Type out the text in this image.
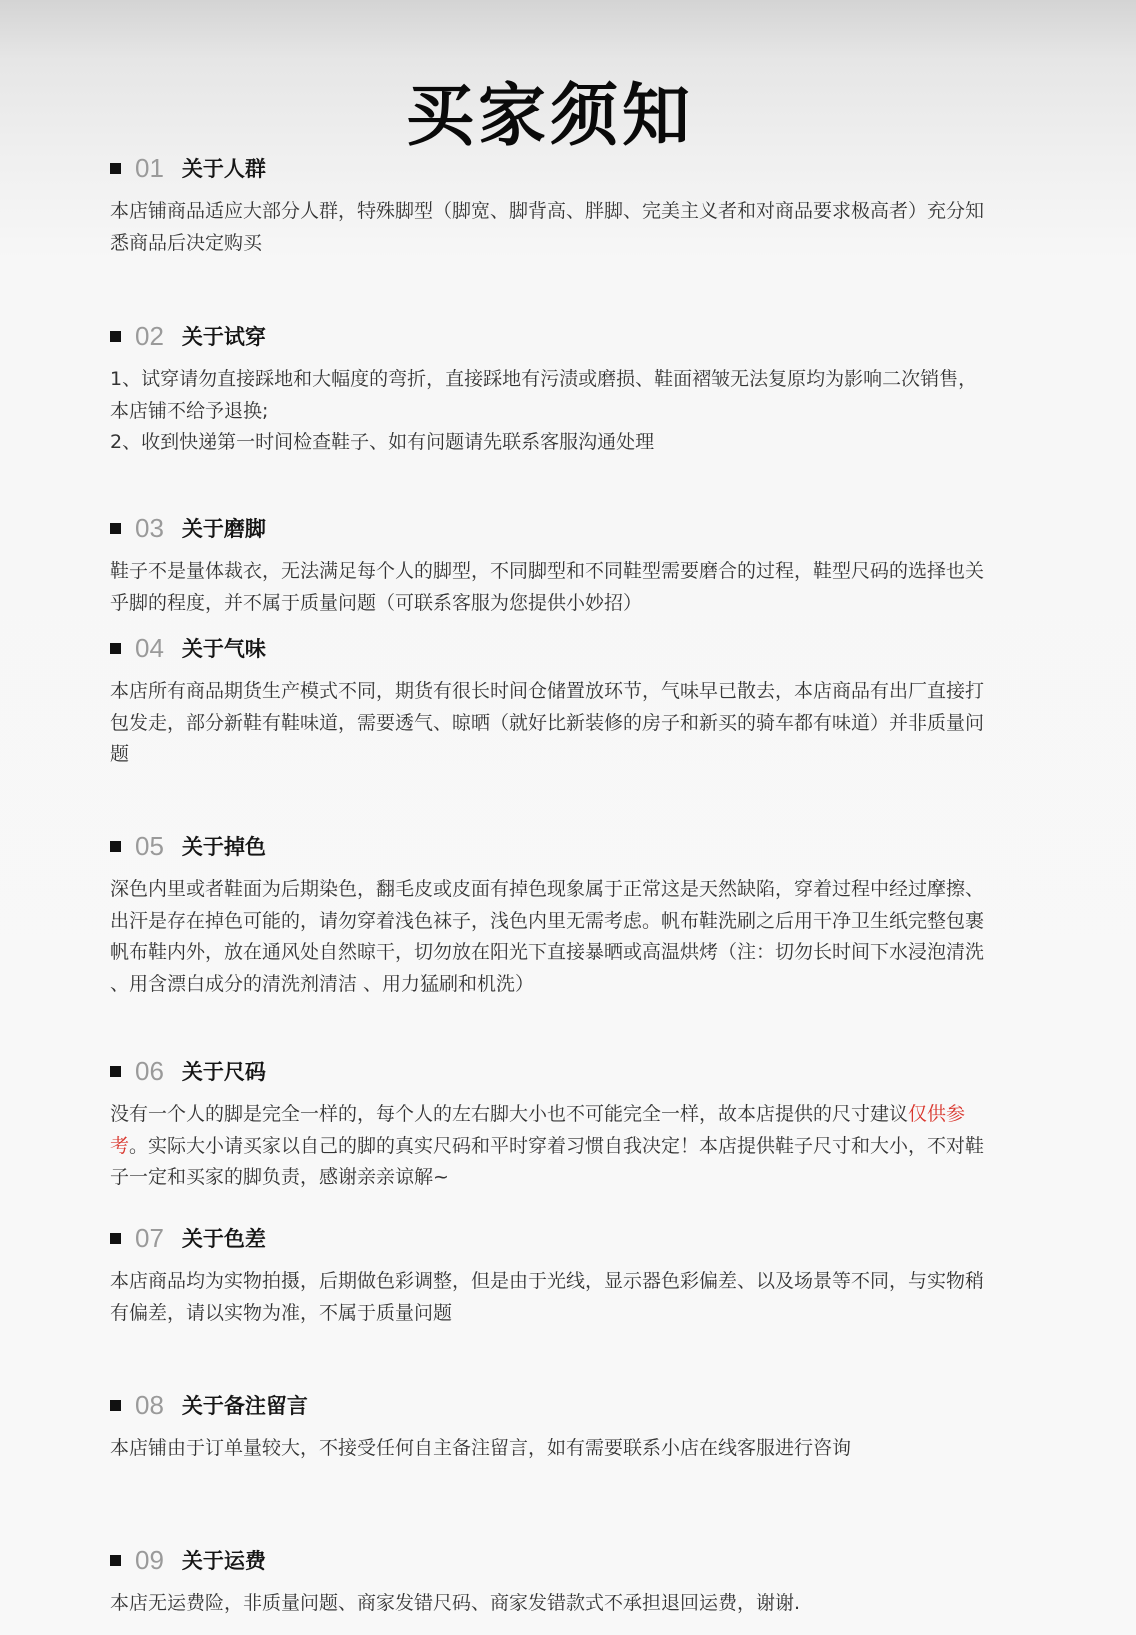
买家须知
01 关于人群

本店铺商品适应大部分人群，特殊脚型（脚宽、脚背高、胖脚、完美主义者和对商品要求极高者）充分知悉商品后决定购买

02 关于试穿

1、试穿请勿直接踩地和大幅度的弯折，直接踩地有污渍或磨损、鞋面褶皱无法复原均为影响二次销售，本店铺不给予退换;

2、收到快递第一时间检查鞋子、如有问题请先联系客服沟通处理

03 关于磨脚

鞋子不是量体裁衣，无法满足每个人的脚型，不同脚型和不同鞋型需要磨合的过程，鞋型尺码的选择也关乎脚的程度，并不属于质量问题（可联系客服为您提供小妙招）

04 关于气味

本店所有商品期货生产模式不同，期货有很长时间仓储置放环节，气味早已散去，本店商品有出厂直接打包发走，部分新鞋有鞋味道，需要透气、晾晒（就好比新装修的房子和新买的骑车都有味道）并非质量问题

05 关于掉色

深色内里或者鞋面为后期染色，翻毛皮或皮面有掉色现象属于正常这是天然缺陷，穿着过程中经过摩擦、出汗是存在掉色可能的，请勿穿着浅色袜子，浅色内里无需考虑。帆布鞋洗刷之后用干净卫生纸完整包裹帆布鞋内外，放在通风处自然晾干，切勿放在阳光下直接暴晒或高温烘烤（注：切勿长时间下水浸泡清洗 、用含漂白成分的清洗剂清洁 、用力猛刷和机洗）

06 关于尺码

没有一个人的脚是完全一样的，每个人的左右脚大小也不可能完全一样，故本店提供的尺寸建议仅供参考。实际大小请买家以自己的脚的真实尺码和平时穿着习惯自我决定！本店提供鞋子尺寸和大小，不对鞋子一定和买家的脚负责，感谢亲亲谅解~

07 关于色差

本店商品均为实物拍摄，后期做色彩调整，但是由于光线，显示器色彩偏差、以及场景等不同，与实物稍有偏差，请以实物为准，不属于质量问题

08 关于备注留言

本店铺由于订单量较大，不接受任何自主备注留言，如有需要联系小店在线客服进行咨询

09 关于运费

本店无运费险，非质量问题、商家发错尺码、商家发错款式不承担退回运费，谢谢.
